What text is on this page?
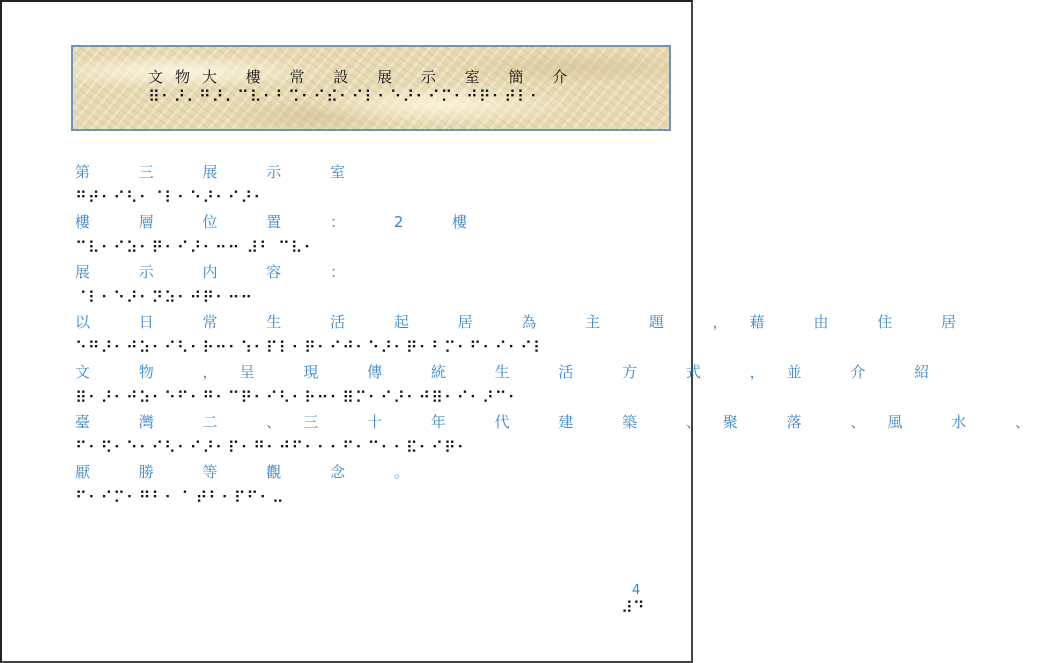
文物大 樓 常 設 展 示 室 簡 介
⠿⠂⠜⠄⠛⠜⠄⠉⠧⠂⠃⠩⠂⠊⠮⠂⠊⠇⠂⠑⠜⠂⠊⠍⠂⠚⠟⠂⠞⠇⠂
第 三 展 示 室
⠛⠞⠂⠊⠣⠂⠈⠇⠂⠑⠜⠂⠊⠜⠂
樓 層 位 置 ： 2 樓
⠉⠧⠂⠊⠵⠂⠟⠂⠊⠜⠂⠒⠒ ⠼⠃ ⠉⠧⠂
展 示 内 容 ：
⠈⠇⠂⠑⠜⠂⠝⠵⠂⠚⠟⠂⠒⠒
以 日 常 生 活 起 居 為 主 題 ，藉 由 住 居
⠑⠛⠜⠂⠚⠵⠂⠊⠣⠂⠗⠒⠂⠱⠂⠏⠇⠂⠟⠂⠊⠚⠂⠑⠜⠂⠟⠂⠃⠍⠂⠋⠂⠊⠂⠊⠇
文 物 ，呈 現 傳 統 生 活 方 式 ，並 介 紹
⠿⠂⠜⠂⠚⠵⠂⠑⠋⠂⠛⠂⠉⠟⠂⠊⠣⠂⠗⠒⠂⠿⠍⠂⠊⠜⠂⠚⠿⠂⠊⠂⠜⠉⠂
臺 灣 二 、三 十 年 代 建 築 、聚 落 、風 水 、
⠋⠂⠫⠂⠑⠂⠊⠣⠂⠊⠜⠂⠏⠂⠛⠂⠚⠋⠂⠂⠂⠋⠂⠉⠂⠂⠯⠂⠊⠟⠂
厭 勝 等 觀 念 。
⠋⠂⠊⠍⠂⠛⠃⠂⠈ ⠞⠃⠂⠏⠋⠂⠤
4
⠼⠙
